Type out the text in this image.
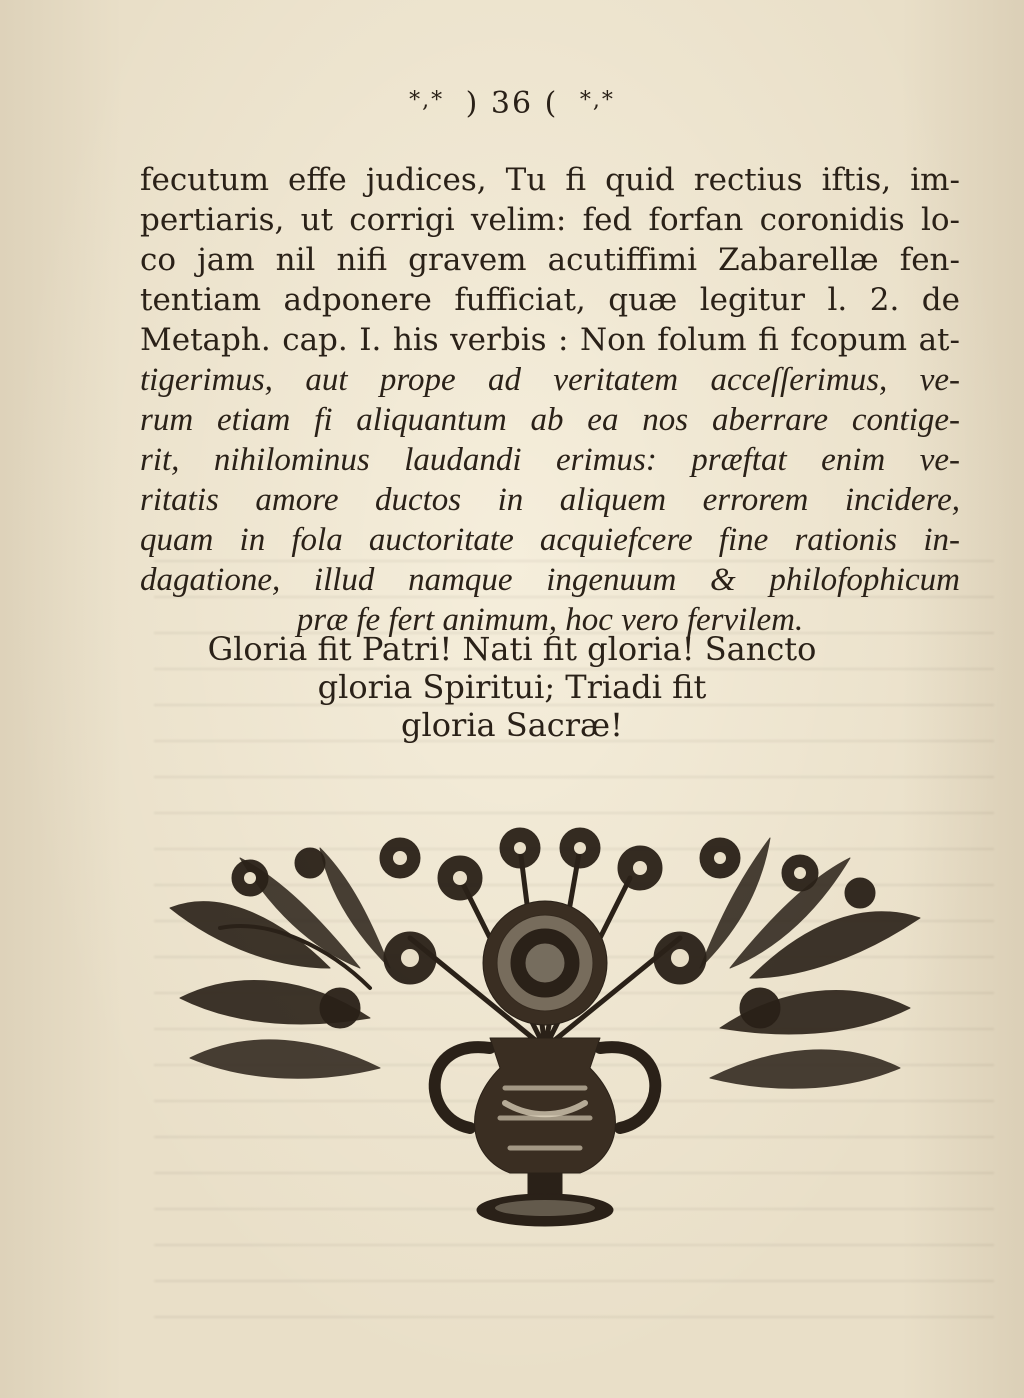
*,* ) 36 ( *,*
fecutum effe judices, Tu fi quid rectius iftis, im-
pertiaris, ut corrigi velim: fed forfan coronidis lo-
co jam nil nifi gravem acutiffimi Zabarellæ fen-
tentiam adponere fufficiat, quæ legitur l. 2. de
Metaph. cap. I. his verbis : Non folum fi fcopum at-
tigerimus, aut prope ad veritatem acceſſerimus, ve-
rum etiam fi aliquantum ab ea nos aberrare contige-
rit, nihilominus laudandi erimus: præftat enim ve-
ritatis amore ductos in aliquem errorem incidere,
quam in fola auctoritate acquiefcere fine rationis in-
dagatione, illud namque ingenuum & philofophicum
præ fe fert animum, hoc vero fervilem.
Gloria fit Patri! Nati fit gloria! Sancto
gloria Spiritui; Triadi fit
gloria Sacræ!
